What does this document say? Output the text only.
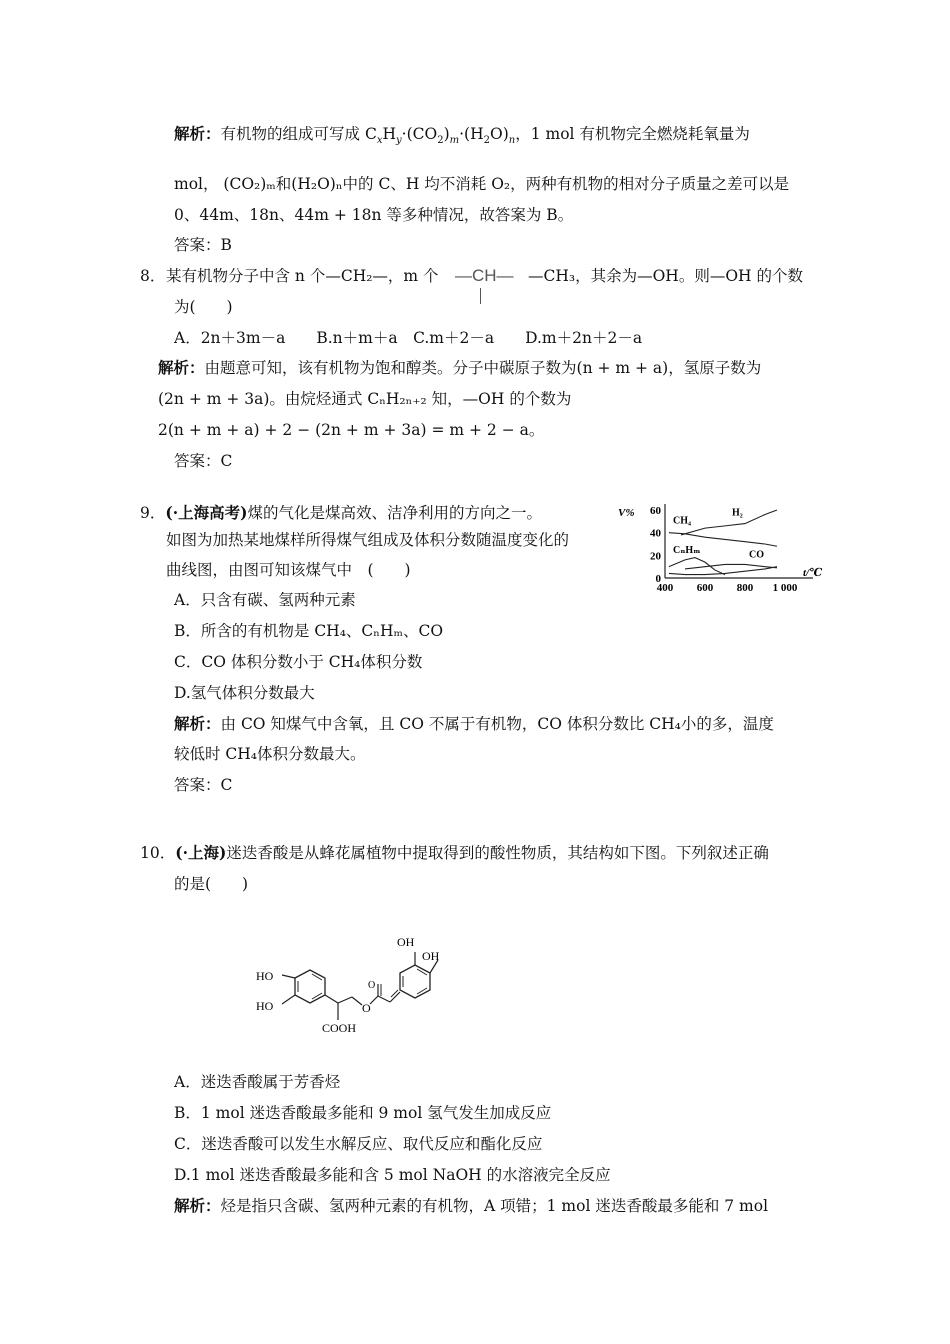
解析：有机物的组成可写成 $C_xH_y\cdot(CO_2)_m\cdot(H_2O)_n$，1 mol 有机物完全燃烧耗氧量为
mol， (CO₂)ₘ和(H₂O)ₙ中的 C、H 均不消耗 O₂，两种有机物的相对分子质量之差可以是
0、44m、18n、44m + 18n 等多种情况，故答案为 B。
答案：B
8． 某有机物分子中含 n 个—CH₂—，m 个 —CH— —CH₃，其余为—OH。则—OH 的个数
为(　　)
A．2n＋3m－a　　B.n＋m＋a　C.m＋2－a　　D.m＋2n＋2－a
解析：由题意可知，该有机物为饱和醇类。分子中碳原子数为(n + m + a)，氢原子数为
(2n + m + 3a)。由烷烃通式 CₙH₂ₙ₊₂ 知，—OH 的个数为
2(n + m + a) + 2 − (2n + m + 3a) = m + 2 − a。
答案：C
9．(·上海高考)煤的气化是煤高效、洁净利用的方向之一。
如图为加热某地煤样所得煤气组成及体积分数随温度变化的
曲线图，由图可知该煤气中　(　　)
A．只含有碳、氢两种元素
B．所含的有机物是 CH₄、CₙHₘ、CO
C．CO 体积分数小于 CH₄体积分数
D.氢气体积分数最大
解析：由 CO 知煤气中含氧，且 CO 不属于有机物，CO 体积分数比 CH₄小的多，温度
较低时 CH₄体积分数最大。
答案：C
V%
0
20
40
60
400 600 800 1 000
t/℃
H₂
CH₄
CₙHₘ	CO
10．(·上海)迷迭香酸是从蜂花属植物中提取得到的酸性物质，其结构如下图。下列叙述正确
的是(　　)
HO
HO
COOH
O
O
OH
OH
A．迷迭香酸属于芳香烃
B．1 mol 迷迭香酸最多能和 9 mol 氢气发生加成反应
C．迷迭香酸可以发生水解反应、取代反应和酯化反应
D.1 mol 迷迭香酸最多能和含 5 mol NaOH 的水溶液完全反应
解析：烃是指只含碳、氢两种元素的有机物，A 项错；1 mol 迷迭香酸最多能和 7 mol
